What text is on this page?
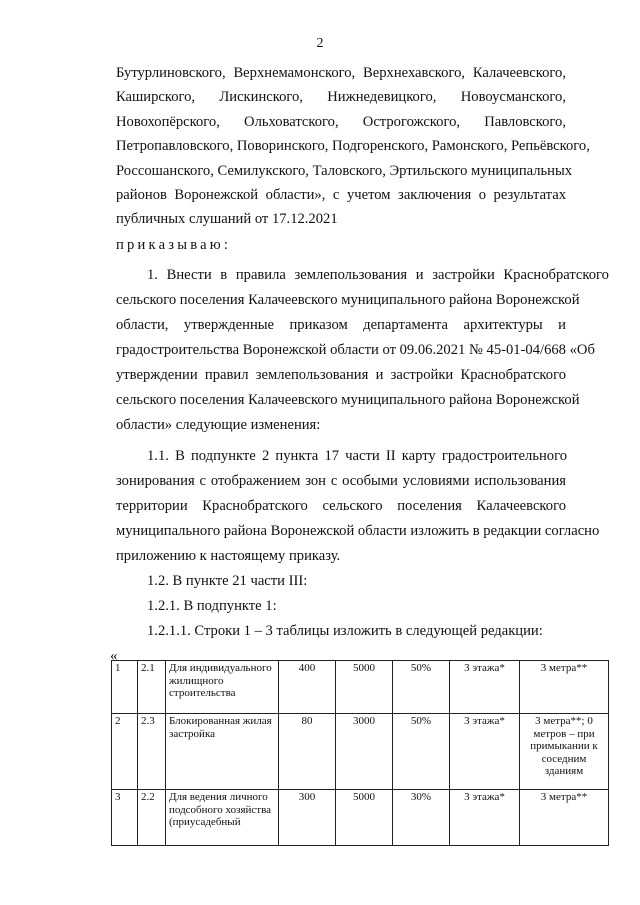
2
Бутурлиновского, Верхнемамонского, Верхнехавского, Калачеевского,
Каширского, Лискинского, Нижнедевицкого, Новоусманского,
Новохопёрского, Ольховатского, Острогожского, Павловского,
Петропавловского, Поворинского, Подгоренского, Рамонского, Репьёвского,
Россошанского, Семилукского, Таловского, Эртильского муниципальных
районов Воронежской области», с учетом заключения о результатах
публичных слушаний от 17.12.2021
приказываю:
1. Внести в правила землепользования и застройки Краснобратского
сельского поселения Калачеевского муниципального района Воронежской
области, утвержденные приказом департамента архитектуры и
градостроительства Воронежской области от 09.06.2021 № 45-01-04/668 «Об
утверждении правил землепользования и застройки Краснобратского
сельского поселения Калачеевского муниципального района Воронежской
области» следующие изменения:
1.1. В подпункте 2 пункта 17 части II карту градостроительного
зонирования с отображением зон с особыми условиями использования
территории Краснобратского сельского поселения Калачеевского
муниципального района Воронежской области изложить в редакции согласно
приложению к настоящему приказу.
1.2. В пункте 21 части III:
1.2.1. В подпункте 1:
1.2.1.1. Строки 1 – 3 таблицы изложить в следующей редакции:
«
1	2.1	Для индивидуального жилищного строительства	400	5000	50%	3 этажа*	3 метра**
2	2.3	Блокированная жилая застройка	80	3000	50%	3 этажа*	3 метра**; 0 метров – при примыкании к соседним зданиям
3	2.2	Для ведения личного подсобного хозяйства (приусадебный	300	5000	30%	3 этажа*	3 метра**
